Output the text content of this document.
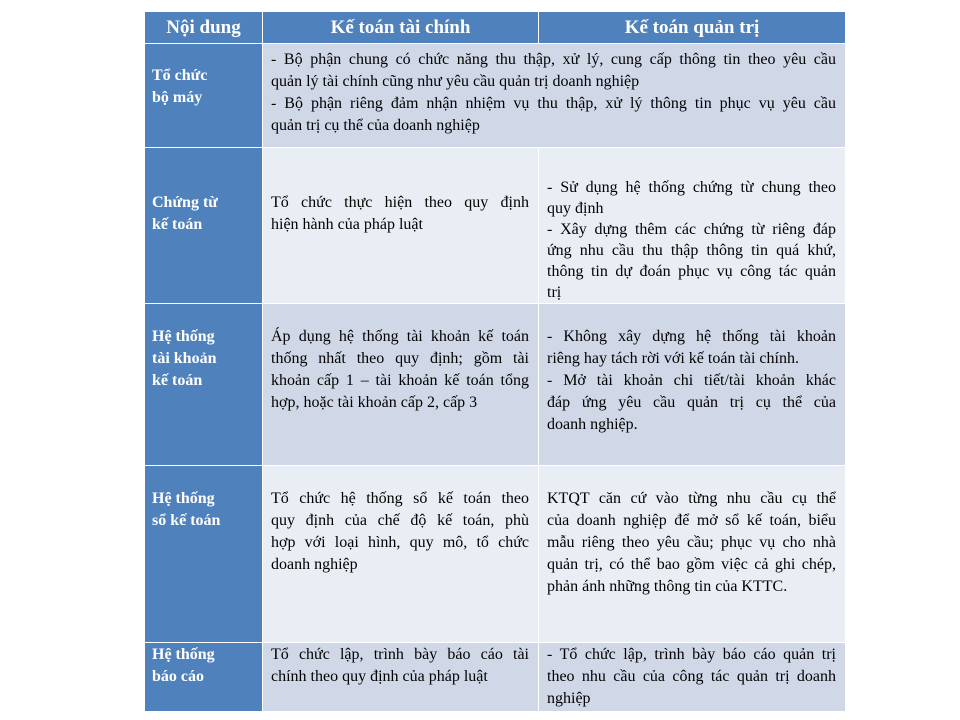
Nội dung	Kế toán tài chính	Kế toán quản trị
Tổ chức
bộ máy
- Bộ phận chung có chức năng thu thập, xử lý, cung cấp thông tin theo yêu cầu
quản lý tài chính cũng như yêu cầu quản trị doanh nghiệp
- Bộ phận riêng đảm nhận nhiệm vụ thu thập, xử lý thông tin phục vụ yêu cầu
quản trị cụ thể của doanh nghiệp
Chứng từ
kế toán
Tổ chức thực hiện theo quy định
hiện hành của pháp luật
- Sử dụng hệ thống chứng từ chung theo
quy định
- Xây dựng thêm các chứng từ riêng đáp
ứng nhu cầu thu thập thông tin quá khứ,
thông tin dự đoán phục vụ công tác quản
trị
Hệ thống
tài khoản
kế toán
Áp dụng hệ thống tài khoản kế toán
thống nhất theo quy định; gồm tài
khoản cấp 1 – tài khoản kế toán tổng
hợp, hoặc tài khoản cấp 2, cấp 3
- Không xây dựng hệ thống tài khoản
riêng hay tách rời với kế toán tài chính.
- Mở tài khoản chi tiết/tài khoản khác
đáp ứng yêu cầu quản trị cụ thể của
doanh nghiệp.
Hệ thống
sổ kế toán
Tổ chức hệ thống sổ kế toán theo
quy định của chế độ kế toán, phù
hợp với loại hình, quy mô, tổ chức
doanh nghiệp
KTQT căn cứ vào từng nhu cầu cụ thể
của doanh nghiệp để mở sổ kế toán, biểu
mẫu riêng theo yêu cầu; phục vụ cho nhà
quản trị, có thể bao gồm việc cả ghi chép,
phản ánh những thông tin của KTTC.
Hệ thống
báo cáo
Tổ chức lập, trình bày báo cáo tài
chính theo quy định của pháp luật
- Tổ chức lập, trình bày báo cáo quản trị
theo nhu cầu của công tác quản trị doanh
nghiệp
